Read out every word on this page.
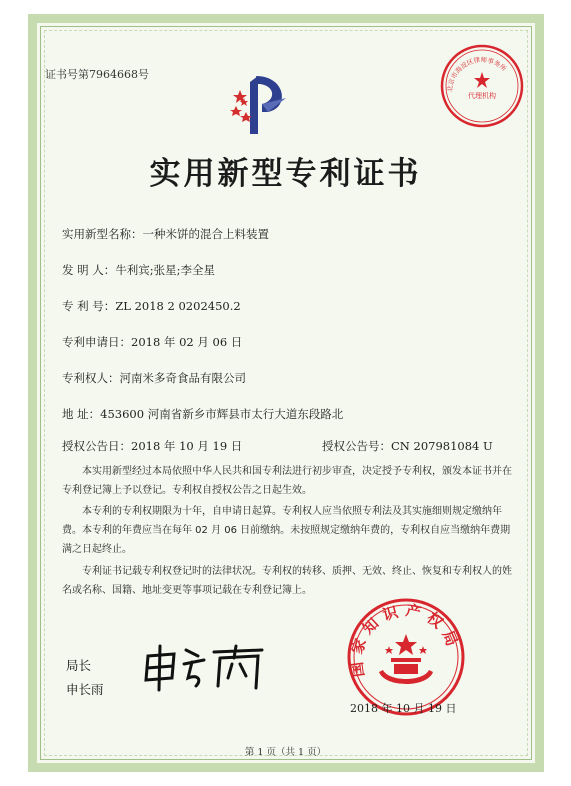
证书号第7964668号
北京市海淀区律师事务所
代理机构
实用新型专利证书
实用新型名称：一种米饼的混合上料装置
发 明 人：牛利宾;张星;李全星
专 利 号：ZL 2018 2 0202450.2
专利申请日：2018 年 02 月 06 日
专利权人：河南米多奇食品有限公司
地 址：453600 河南省新乡市辉县市太行大道东段路北
授权公告日：2018 年 10 月 19 日	授权公告号：CN 207981084 U
本实用新型经过本局依照中华人民共和国专利法进行初步审查，决定授予专利权，颁发本证书并在专利登记簿上予以登记。专利权自授权公告之日起生效。
本专利的专利权期限为十年，自申请日起算。专利权人应当依照专利法及其实施细则规定缴纳年费。本专利的年费应当在每年 02 月 06 日前缴纳。未按照规定缴纳年费的，专利权自应当缴纳年费期满之日起终止。
专利证书记载专利权登记时的法律状况。专利权的转移、质押、无效、终止、恢复和专利权人的姓名或名称、国籍、地址变更等事项记载在专利登记簿上。
局长
申长雨
国家知识产权局
2018 年 10 月 19 日
第 1 页（共 1 页）
